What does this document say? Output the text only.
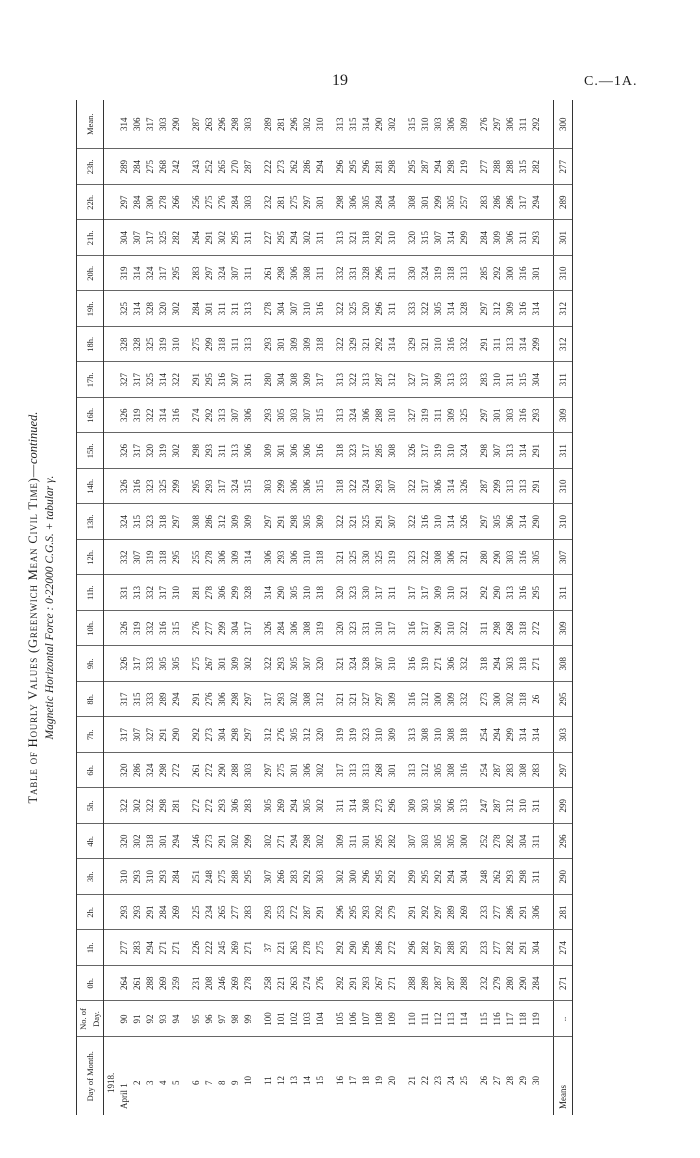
19	C.—1A.
Table of Hourly Values (Greenwich Mean Civil Time)—continued.
Magnetic Horizontal Force : 0·22000 C.G.S. + tabular γ.
Day of Month.	No. of Day.	0h.	1h.	2h.	3h.	4h.	5h.	6h.	7h.	8h.	9h.	10h.	11h.	12h.	13h.	14h.	15h.	16h.	17h.	18h.	19h.	20h.	21h.	22h.	23h.	Mean.
1918.																										
April 1	90	264	277	293	310	320	322	320	317	317	326	326	331	332	324	326	326	326	327	328	325	319	304	297	289	314
2	91	261	283	293	293	302	302	286	307	315	317	319	313	307	315	316	317	319	317	328	314	314	307	284	284	306
3	92	288	294	291	310	318	322	324	327	333	333	332	332	319	323	323	320	322	325	325	328	324	317	300	275	317
4	93	269	271	284	293	301	298	298	291	289	305	316	317	318	318	325	319	314	314	319	320	317	325	278	268	303
5	94	259	271	269	284	294	281	272	290	294	305	315	310	295	297	299	302	316	322	310	302	295	282	266	242	290

6	95	231	226	225	251	246	272	261	292	291	275	276	281	255	308	295	298	274	291	275	284	283	264	256	243	287
7	96	208	222	234	248	273	272	272	273	276	267	277	278	278	286	293	293	292	295	299	301	297	291	275	252	263
8	97	246	245	265	275	291	293	290	304	306	301	299	306	306	312	317	311	313	316	318	311	324	302	276	265	296
9	98	269	269	277	288	302	306	288	298	298	309	304	299	309	309	324	313	307	307	311	311	307	295	284	270	298
10	99	278	271	283	295	299	283	303	297	297	302	317	328	314	309	315	306	306	311	313	313	311	311	303	287	303

11	100	258	37	293	307	302	305	297	312	317	322	326	314	306	297	303	309	293	280	293	278	261	227	232	222	289
12	101	221	221	253	266	271	269	275	276	293	293	284	290	293	291	299	301	305	304	301	304	298	295	281	273	281
13	102	263	263	272	283	294	294	301	305	302	305	306	305	306	298	306	306	303	308	309	307	306	294	275	262	296
14	103	274	278	287	292	298	305	306	312	308	307	308	310	310	305	306	306	307	309	309	310	308	302	297	286	302
15	104	276	275	291	303	302	302	302	320	312	320	319	318	318	309	315	316	315	317	318	316	311	311	301	294	310

16	105	292	292	296	302	309	311	317	319	321	321	320	320	321	322	318	318	313	313	322	322	332	313	298	296	313
17	106	291	290	295	300	311	314	313	319	321	324	323	323	325	321	322	323	324	322	329	325	331	321	306	295	315
18	107	293	296	293	296	301	308	313	323	327	328	331	330	330	325	324	317	306	313	321	320	328	318	305	296	314
19	108	267	286	292	295	295	273	268	310	297	307	310	317	325	291	293	285	288	287	292	296	296	292	284	281	290
20	109	271	272	279	292	282	296	301	309	309	310	317	311	319	307	307	308	310	312	314	311	311	310	304	298	302

21	110	288	296	291	299	307	309	313	313	316	316	316	317	323	322	322	326	327	327	329	333	330	320	308	295	315
22	111	289	282	292	295	303	303	312	308	312	319	317	317	322	316	317	317	319	317	321	322	324	315	301	287	310
23	112	287	297	297	292	305	305	305	310	300	271	290	309	308	310	306	319	311	309	310	305	319	307	299	294	303
24	113	287	288	289	294	305	306	308	308	309	306	310	310	306	314	314	310	309	313	316	314	318	314	305	298	306
25	114	288	293	269	304	300	313	316	318	332	332	322	321	321	326	326	324	325	333	332	328	313	299	257	219	309

26	115	232	233	233	248	252	247	254	254	273	318	311	292	280	297	287	298	297	283	291	297	285	284	283	277	276
27	116	279	277	277	262	278	287	287	294	300	294	298	290	290	305	299	307	301	310	311	312	292	309	286	288	297
28	117	280	282	286	293	282	312	283	299	302	303	268	313	303	306	313	313	303	311	313	309	300	306	286	288	306
29	118	290	291	291	298	304	310	308	314	318	318	318	316	316	314	313	314	316	315	314	316	316	311	317	315	311
30	119	284	304	306	311	311	311	283	314	26	271	272	295	305	290	291	291	293	304	299	314	301	293	294	282	292

Means	..	271	274	281	290	296	299	297	303	295	308	309	311	307	310	310	311	309	311	312	312	310	301	289	277	300
